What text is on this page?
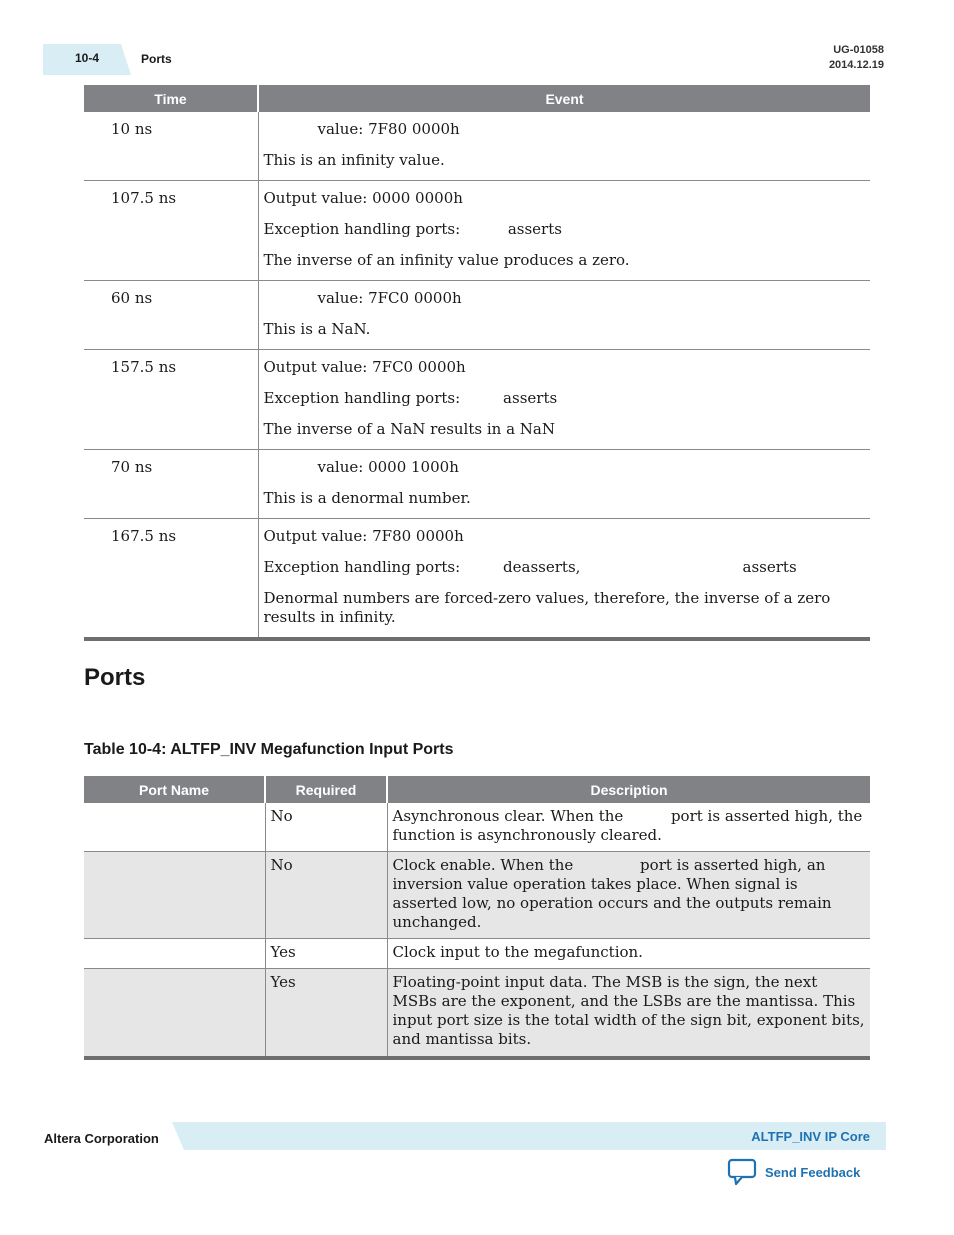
10-4	Ports
UG-01058
2014.12.19
Time	Event
10 ns	value: 7F80 0000h

This is an infinity value.

107.5 ns	Output value: 0000 0000h

Exception handling ports:          asserts

The inverse of an infinity value produces a zero.

60 ns	value: 7FC0 0000h

This is a NaN.

157.5 ns	Output value: 7FC0 0000h

Exception handling ports:         asserts

The inverse of a NaN results in a NaN

70 ns	value: 0000 1000h

This is a denormal number.

167.5 ns	Output value: 7F80 0000h

Exception handling ports:         deasserts,                                  asserts

Denormal numbers are forced-zero values, therefore, the inverse of a zero results in infinity.

Ports
Table 10-4: ALTFP_INV Megafunction Input Ports
Port Name	Required	Description
	No	Asynchronous clear. When the          port is asserted high, the function is asynchronously cleared.
	No	Clock enable. When the              port is asserted high, an inversion value operation takes place. When signal is asserted low, no operation occurs and the outputs remain unchanged.
	Yes	Clock input to the megafunction.
	Yes	Floating-point input data. The MSB is the sign, the next MSBs are the exponent, and the LSBs are the mantissa. This input port size is the total width of the sign bit, exponent bits, and mantissa bits.
Altera Corporation	ALTFP_INV IP Core
Send Feedback
